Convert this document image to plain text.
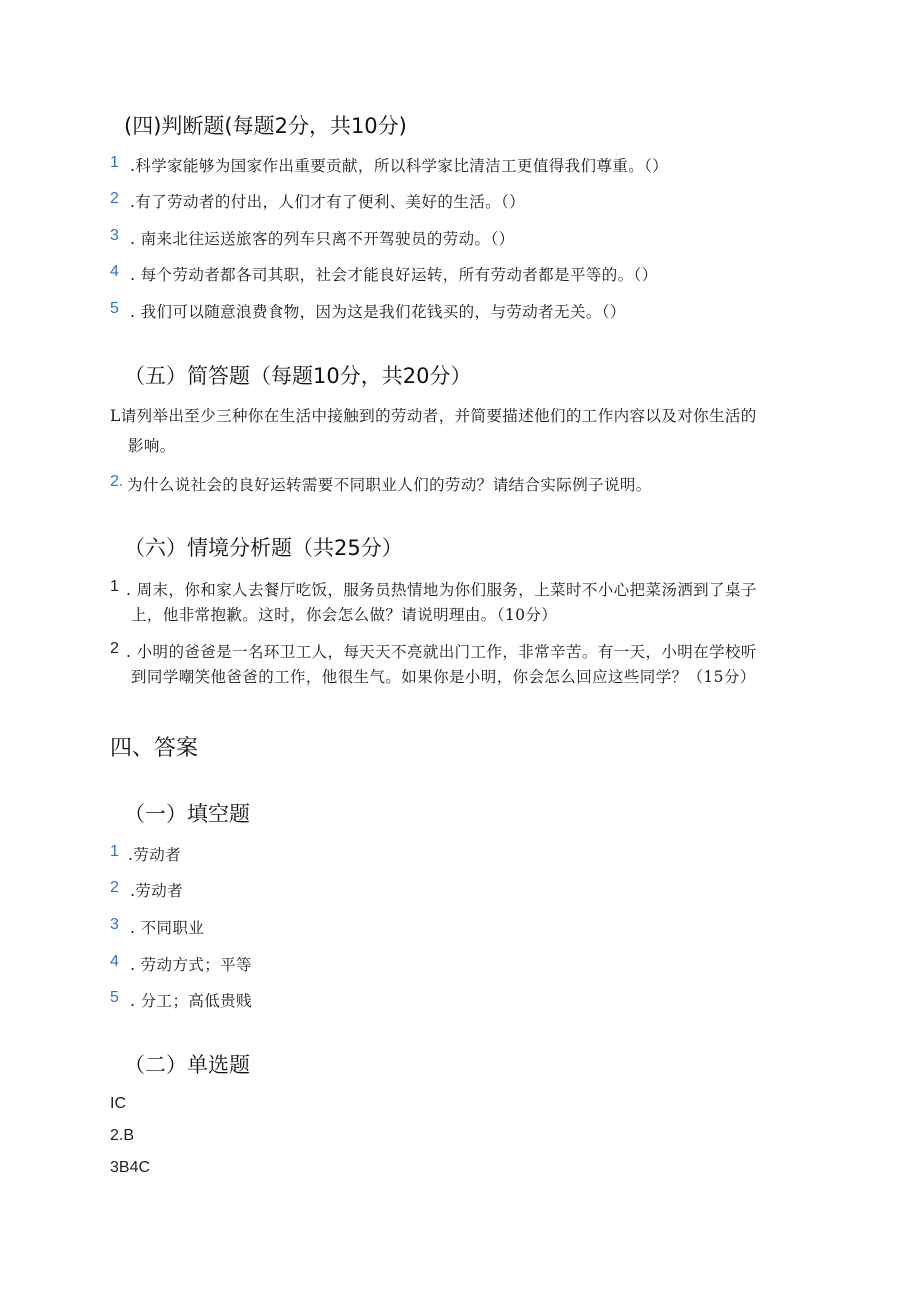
(四)判断题(每题2分，共10分)
1 .科学家能够为国家作出重要贡献，所以科学家比清洁工更值得我们尊重。（）
2 .有了劳动者的付出，人们才有了便利、美好的生活。（）
3 . 南来北往运送旅客的列车只离不开驾驶员的劳动。（）
4 . 每个劳动者都各司其职，社会才能良好运转，所有劳动者都是平等的。（）
5 . 我们可以随意浪费食物，因为这是我们花钱买的，与劳动者无关。（）
（五）简答题（每题10分，共20分）
L请列举出至少三种你在生活中接触到的劳动者，并简要描述他们的工作内容以及对你生活的
影响。
2. 为什么说社会的良好运转需要不同职业人们的劳动？请结合实际例子说明。
（六）情境分析题（共25分）
1 . 周末，你和家人去餐厅吃饭，服务员热情地为你们服务，上菜时不小心把菜汤洒到了桌子
上，他非常抱歉。这时，你会怎么做？请说明理由。（10分）
2 . 小明的爸爸是一名环卫工人，每天天不亮就出门工作，非常辛苦。有一天，小明在学校听
到同学嘲笑他爸爸的工作，他很生气。如果你是小明，你会怎么回应这些同学？（15分）
四、答案
（一）填空题
1 .劳动者
2 .劳动者
3 . 不同职业
4 . 劳动方式；平等
5 . 分工；高低贵贱
（二）单选题
IC
2.B
3B4C
